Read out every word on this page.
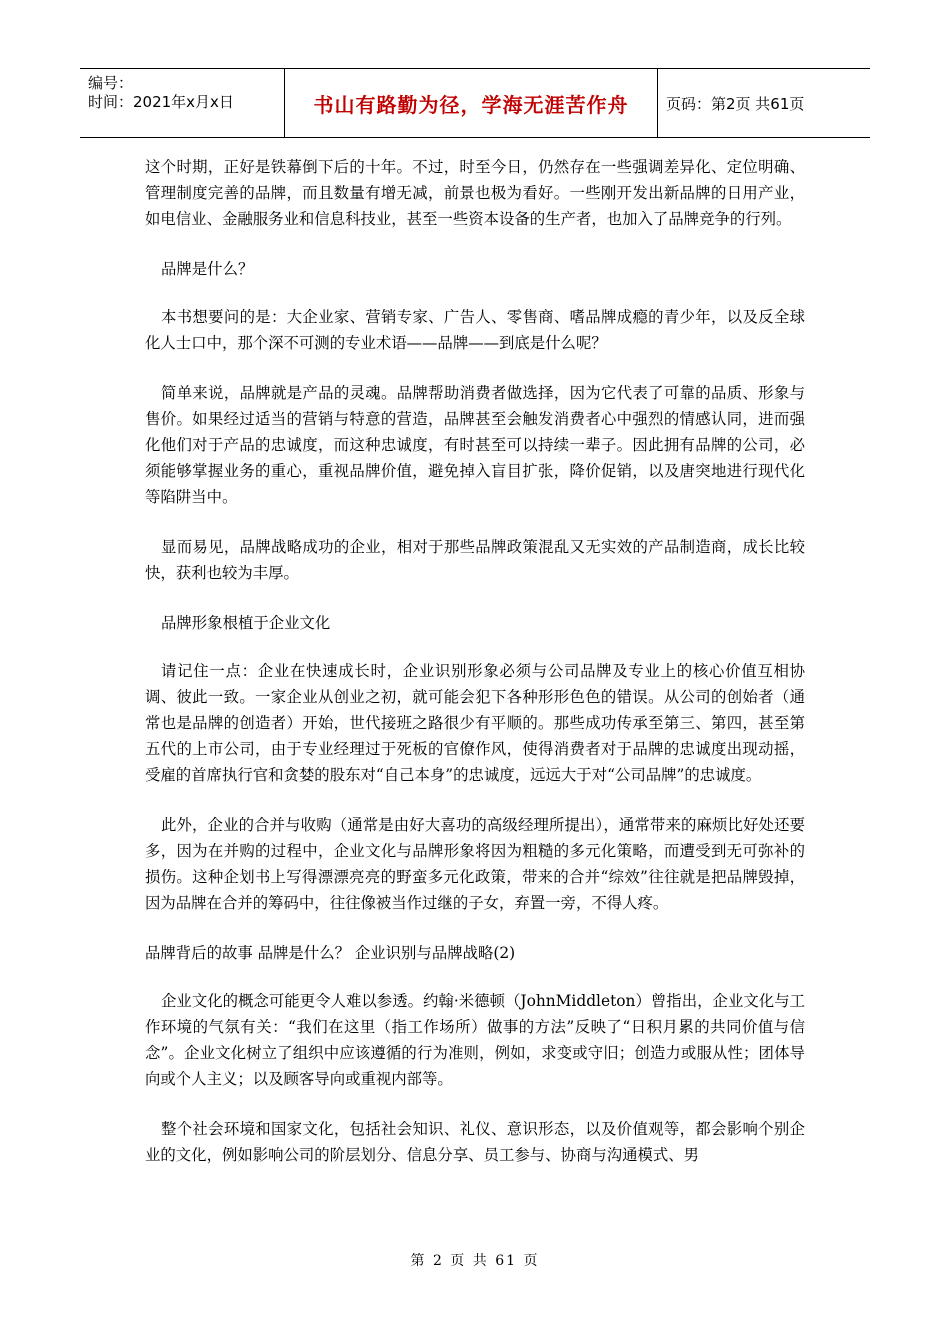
编号：
时间：2021年x月x日	书山有路勤为径，学海无涯苦作舟	页码：第2页 共61页

这个时期，正好是铁幕倒下后的十年。不过，时至今日，仍然存在一些强调差异化、定位明确、管理制度完善的品牌，而且数量有增无减，前景也极为看好。一些刚开发出新品牌的日用产业，如电信业、金融服务业和信息科技业，甚至一些资本设备的生产者，也加入了品牌竞争的行列。

品牌是什么？

本书想要问的是：大企业家、营销专家、广告人、零售商、嗜品牌成瘾的青少年，以及反全球化人士口中，那个深不可测的专业术语——品牌——到底是什么呢？

简单来说，品牌就是产品的灵魂。品牌帮助消费者做选择，因为它代表了可靠的品质、形象与售价。如果经过适当的营销与特意的营造，品牌甚至会触发消费者心中强烈的情感认同，进而强化他们对于产品的忠诚度，而这种忠诚度，有时甚至可以持续一辈子。因此拥有品牌的公司，必须能够掌握业务的重心，重视品牌价值，避免掉入盲目扩张，降价促销，以及唐突地进行现代化等陷阱当中。

显而易见，品牌战略成功的企业，相对于那些品牌政策混乱又无实效的产品制造商，成长比较快，获利也较为丰厚。

品牌形象根植于企业文化

请记住一点：企业在快速成长时，企业识别形象必须与公司品牌及专业上的核心价值互相协调、彼此一致。一家企业从创业之初，就可能会犯下各种形形色色的错误。从公司的创始者（通常也是品牌的创造者）开始，世代接班之路很少有平顺的。那些成功传承至第三、第四，甚至第五代的上市公司，由于专业经理过于死板的官僚作风，使得消费者对于品牌的忠诚度出现动摇，受雇的首席执行官和贪婪的股东对“自己本身”的忠诚度，远远大于对“公司品牌”的忠诚度。

此外，企业的合并与收购（通常是由好大喜功的高级经理所提出），通常带来的麻烦比好处还要多，因为在并购的过程中，企业文化与品牌形象将因为粗糙的多元化策略，而遭受到无可弥补的损伤。这种企划书上写得漂漂亮亮的野蛮多元化政策，带来的合并“综效”往往就是把品牌毁掉，因为品牌在合并的筹码中，往往像被当作过继的子女，弃置一旁，不得人疼。

品牌背后的故事 品牌是什么？ 企业识别与品牌战略(2)

企业文化的概念可能更令人难以参透。约翰·米德顿（JohnMiddleton）曾指出，企业文化与工作环境的气氛有关：“我们在这里（指工作场所）做事的方法”反映了“日积月累的共同价值与信念”。企业文化树立了组织中应该遵循的行为准则，例如，求变或守旧；创造力或服从性；团体导向或个人主义；以及顾客导向或重视内部等。

整个社会环境和国家文化，包括社会知识、礼仪、意识形态，以及价值观等，都会影响个别企业的文化，例如影响公司的阶层划分、信息分享、员工参与、协商与沟通模式、男

第 2 页 共 61 页
